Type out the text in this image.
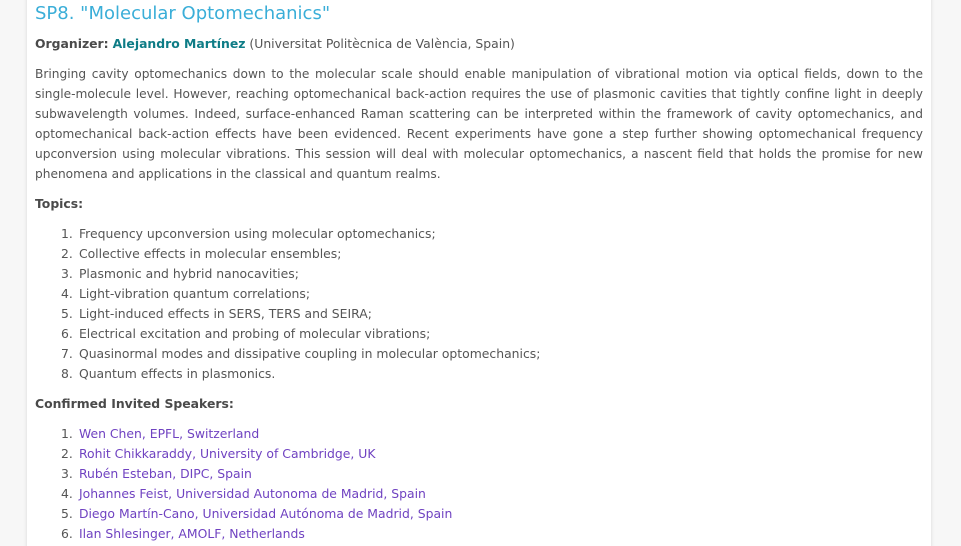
SP8. "Molecular Optomechanics"
Organizer: Alejandro Martínez (Universitat Politècnica de València, Spain)

Bringing cavity optomechanics down to the molecular scale should enable manipulation of vibrational motion via optical fields, down to the single-molecule level. However, reaching optomechanical back-action requires the use of plasmonic cavities that tightly confine light in deeply subwavelength volumes. Indeed, surface-enhanced Raman scattering can be interpreted within the framework of cavity optomechanics, and optomechanical back-action effects have been evidenced. Recent experiments have gone a step further showing optomechanical frequency upconversion using molecular vibrations. This session will deal with molecular optomechanics, a nascent field that holds the promise for new phenomena and applications in the classical and quantum realms.

Topics:
1. Frequency upconversion using molecular optomechanics;
2. Collective effects in molecular ensembles;
3. Plasmonic and hybrid nanocavities;
4. Light-vibration quantum correlations;
5. Light-induced effects in SERS, TERS and SEIRA;
6. Electrical excitation and probing of molecular vibrations;
7. Quasinormal modes and dissipative coupling in molecular optomechanics;
8. Quantum effects in plasmonics.
Confirmed Invited Speakers:
1. Wen Chen, EPFL, Switzerland
2. Rohit Chikkaraddy, University of Cambridge, UK
3. Rubén Esteban, DIPC, Spain
4. Johannes Feist, Universidad Autonoma de Madrid, Spain
5. Diego Martín-Cano, Universidad Autónoma de Madrid, Spain
6. Ilan Shlesinger, AMOLF, Netherlands
